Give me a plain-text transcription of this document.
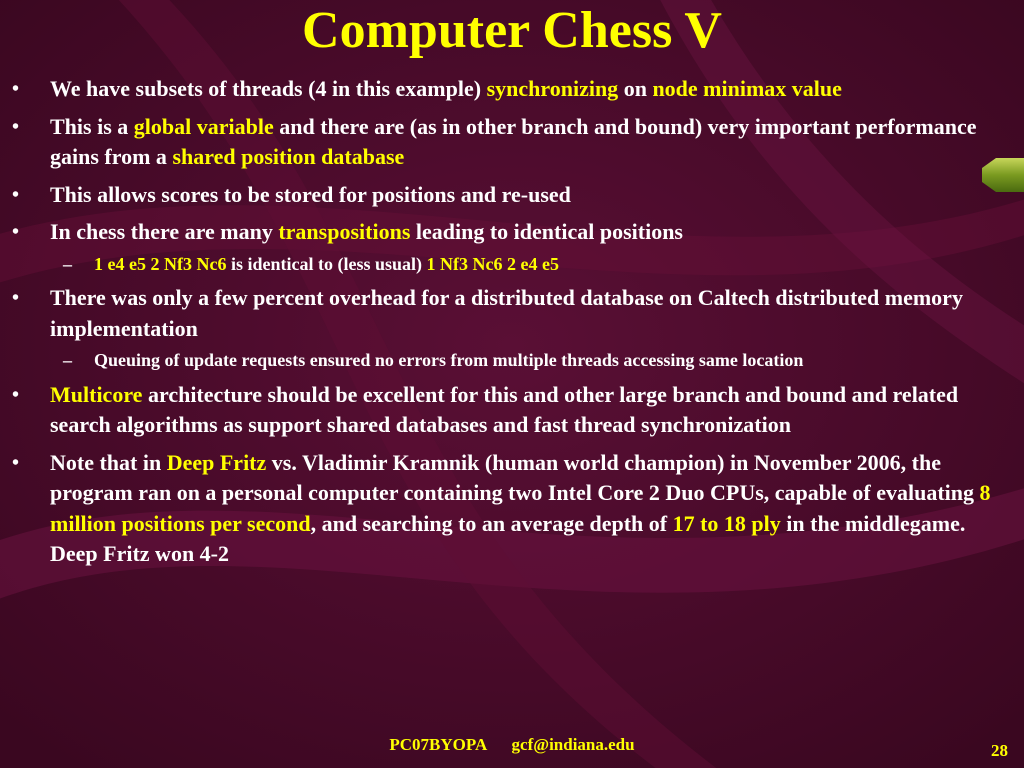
Computer Chess V
• We have subsets of threads (4 in this example) synchronizing on node minimax value
• This is a global variable and there are (as in other branch and bound) very important performance gains from a shared position database
• This allows scores to be stored for positions and re-used
• In chess there are many transpositions leading to identical positions
– 1 e4 e5 2 Nf3 Nc6 is identical to (less usual) 1 Nf3 Nc6 2 e4 e5
• There was only a few percent overhead for a distributed database on Caltech distributed memory implementation
– Queuing of update requests ensured no errors from multiple threads accessing same location
• Multicore architecture should be excellent for this and other large branch and bound and related search algorithms as support shared databases and fast thread synchronization
• Note that in Deep Fritz vs. Vladimir Kramnik (human world champion) in November 2006, the program ran on a personal computer containing two Intel Core 2 Duo CPUs, capable of evaluating 8 million positions per second, and searching to an average depth of 17 to 18 ply in the middlegame. Deep Fritz won 4-2
PC07BYOPA gcf@indiana.edu	28
